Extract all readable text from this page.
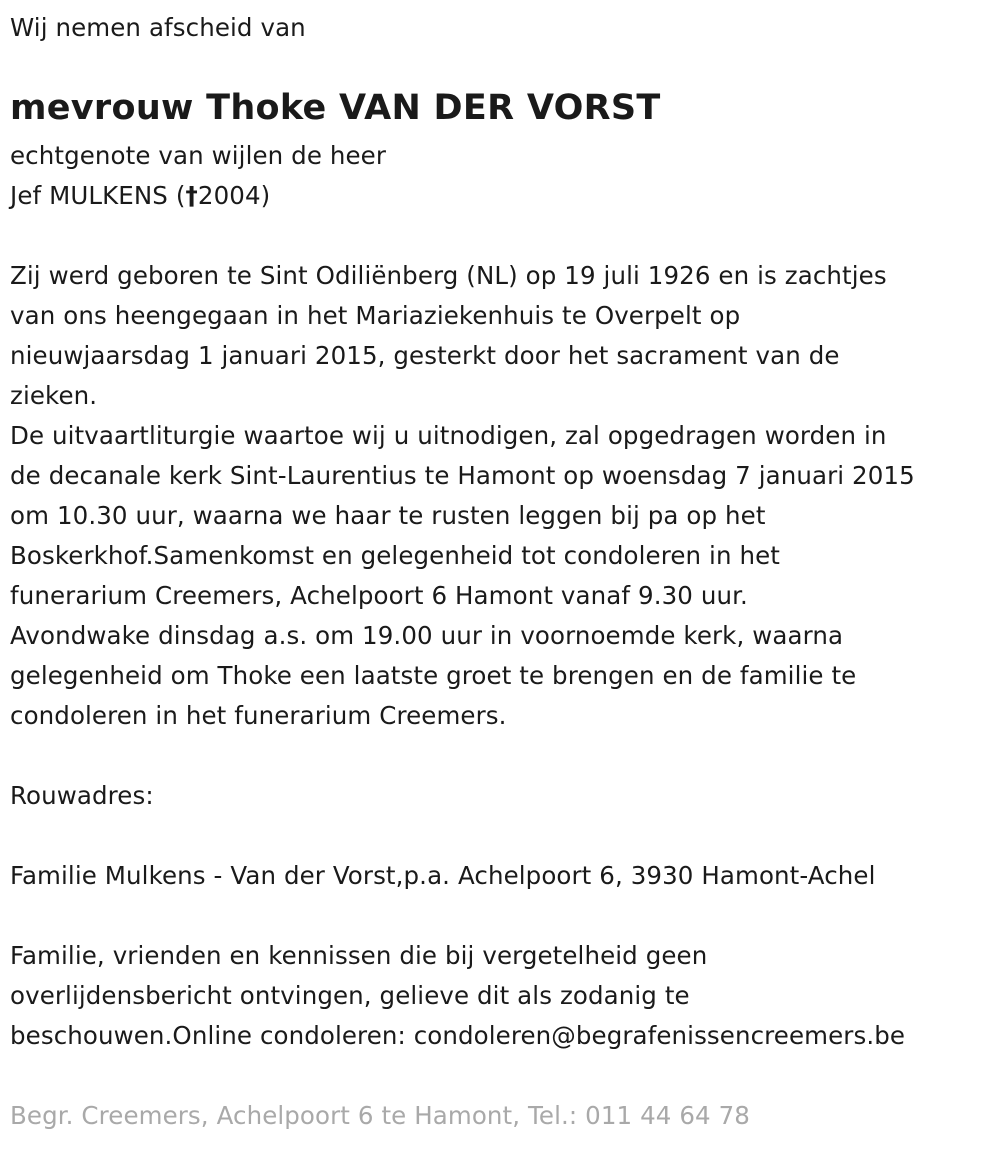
Wij nemen afscheid van
mevrouw Thoke VAN DER VORST
echtgenote van wijlen de heer
Jef MULKENS (†2004)
Zij werd geboren te Sint Odiliënberg (NL) op 19 juli 1926 en is zachtjes
van ons heengegaan in het Mariaziekenhuis te Overpelt op
nieuwjaarsdag 1 januari 2015, gesterkt door het sacrament van de
zieken.
De uitvaartliturgie waartoe wij u uitnodigen, zal opgedragen worden in
de decanale kerk Sint-Laurentius te Hamont op woensdag 7 januari 2015
om 10.30 uur, waarna we haar te rusten leggen bij pa op het
Boskerkhof.Samenkomst en gelegenheid tot condoleren in het
funerarium Creemers, Achelpoort 6 Hamont vanaf 9.30 uur.
Avondwake dinsdag a.s. om 19.00 uur in voornoemde kerk, waarna
gelegenheid om Thoke een laatste groet te brengen en de familie te
condoleren in het funerarium Creemers.
Rouwadres:
Familie Mulkens - Van der Vorst,p.a. Achelpoort 6, 3930 Hamont-Achel
Familie, vrienden en kennissen die bij vergetelheid geen
overlijdensbericht ontvingen, gelieve dit als zodanig te
beschouwen.Online condoleren: condoleren@begrafenissencreemers.be
Begr. Creemers, Achelpoort 6 te Hamont, Tel.: 011 44 64 78
